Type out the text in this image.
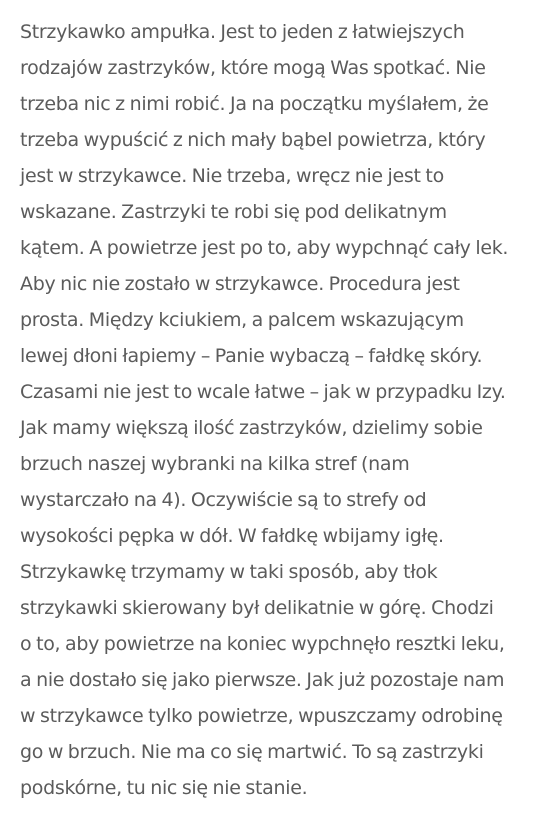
Strzykawko ampułka. Jest to jeden z łatwiejszych
rodzajów zastrzyków, które mogą Was spotkać. Nie
trzeba nic z nimi robić. Ja na początku myślałem, że
trzeba wypuścić z nich mały bąbel powietrza, który
jest w strzykawce. Nie trzeba, wręcz nie jest to
wskazane. Zastrzyki te robi się pod delikatnym
kątem. A powietrze jest po to, aby wypchnąć cały lek.
Aby nic nie zostało w strzykawce. Procedura jest
prosta. Między kciukiem, a palcem wskazującym
lewej dłoni łapiemy – Panie wybaczą – fałdkę skóry.
Czasami nie jest to wcale łatwe – jak w przypadku Izy.
Jak mamy większą ilość zastrzyków, dzielimy sobie
brzuch naszej wybranki na kilka stref (nam
wystarczało na 4). Oczywiście są to strefy od
wysokości pępka w dół. W fałdkę wbijamy igłę.
Strzykawkę trzymamy w taki sposób, aby tłok
strzykawki skierowany był delikatnie w górę. Chodzi
o to, aby powietrze na koniec wypchnęło resztki leku,
a nie dostało się jako pierwsze. Jak już pozostaje nam
w strzykawce tylko powietrze, wpuszczamy odrobinę
go w brzuch. Nie ma co się martwić. To są zastrzyki
podskórne, tu nic się nie stanie.
